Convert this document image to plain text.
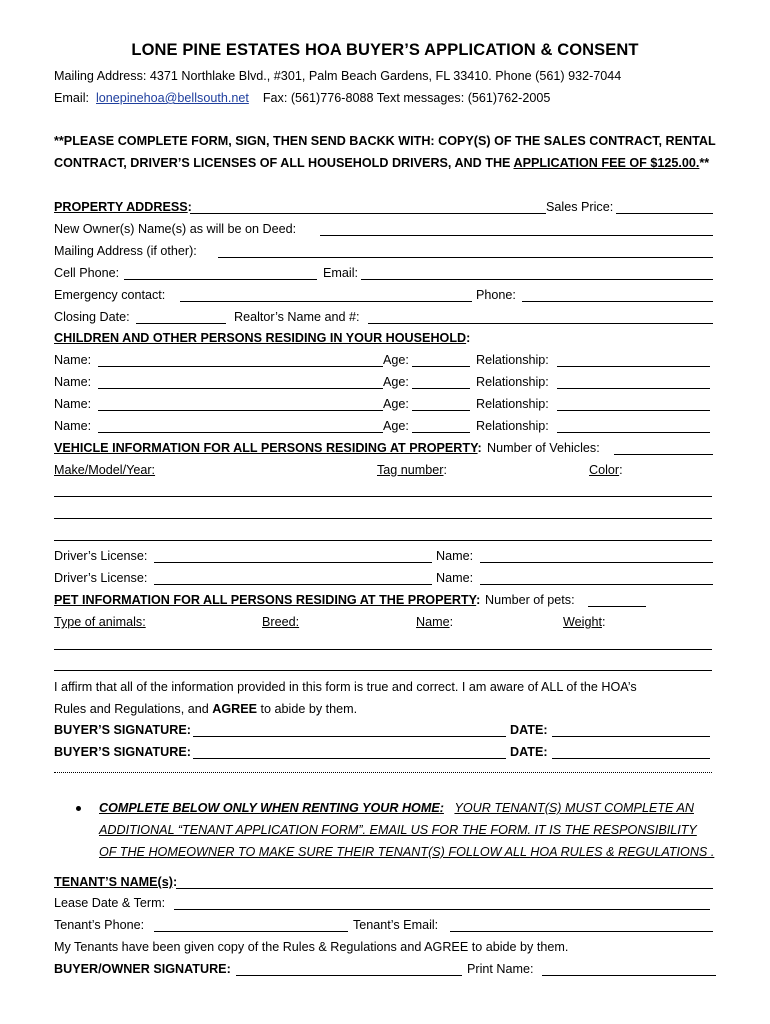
LONE PINE ESTATES HOA BUYER’S APPLICATION & CONSENT
Mailing Address: 4371 Northlake Blvd., #301, Palm Beach Gardens, FL 33410. Phone (561) 932-7044
Email: lonepinehoa@bellsouth.net Fax: (561)776-8088 Text messages: (561)762-2005
**PLEASE COMPLETE FORM, SIGN, THEN SEND BACKK WITH: COPY(S) OF THE SALES CONTRACT, RENTAL
CONTRACT, DRIVER’S LICENSES OF ALL HOUSEHOLD DRIVERS, AND THE APPLICATION FEE OF $125.00.**
PROPERTY ADDRESS:	Sales Price:
New Owner(s) Name(s) as will be on Deed:
Mailing Address (if other):
Cell Phone:	Email:
Emergency contact:	Phone:
Closing Date:	Realtor’s Name and #:
CHILDREN AND OTHER PERSONS RESIDING IN YOUR HOUSEHOLD:
Name:	Age:	Relationship:
Name:	Age:	Relationship:
Name:	Age:	Relationship:
Name:	Age:	Relationship:
VEHICLE INFORMATION FOR ALL PERSONS RESIDING AT PROPERTY: Number of Vehicles:
Make/Model/Year:	Tag number:	Color:
Driver’s License:	Name:
Driver’s License:	Name:
PET INFORMATION FOR ALL PERSONS RESIDING AT THE PROPERTY: Number of pets:
Type of animals:	Breed:	Name:	Weight:
I affirm that all of the information provided in this form is true and correct. I am aware of ALL of the HOA’s
Rules and Regulations, and AGREE to abide by them.
BUYER’S SIGNATURE:	DATE:
BUYER’S SIGNATURE:	DATE:
COMPLETE BELOW ONLY WHEN RENTING YOUR HOME: YOUR TENANT(S) MUST COMPLETE AN
ADDITIONAL “TENANT APPLICATION FORM”. EMAIL US FOR THE FORM. IT IS THE RESPONSIBILITY
OF THE HOMEOWNER TO MAKE SURE THEIR TENANT(S) FOLLOW ALL HOA RULES & REGULATIONS .
TENANT’S NAME(s):
Lease Date & Term:
Tenant’s Phone:	Tenant’s Email:
My Tenants have been given copy of the Rules & Regulations and AGREE to abide by them.
BUYER/OWNER SIGNATURE:	Print Name:
